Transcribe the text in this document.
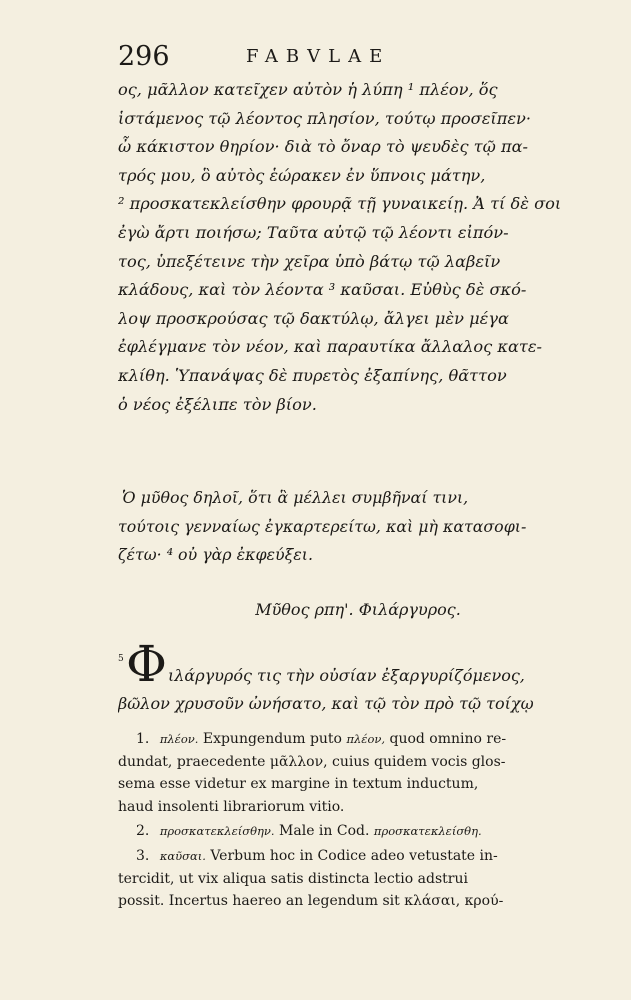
296	FABVLAE
ος, μᾶλλον κατεῖχεν αὐτὸν ἡ λύπη ¹ πλέον, ὅς
ἱστάμενος τῷ λέοντος πλησίον, τούτῳ προσεῖπεν·
ὦ κάκιστον θηρίον· διὰ τὸ ὄναρ τὸ ψευδὲς τῷ πα-
τρός μου, ὃ αὐτὸς ἑώρακεν ἐν ὕπνοις μάτην,
² προσκατεκλείσθην φρουρᾷ τῇ γυναικείῃ. Ἀ τί δὲ σοι
ἐγὼ ἄρτι ποιήσω; Ταῦτα αὐτῷ τῷ λέοντι εἰπόν-
τος, ὑπεξέτεινε τὴν χεῖρα ὑπὸ βάτῳ τῷ λαβεῖν
κλάδους, καὶ τὸν λέοντα ³ καῦσαι. Εὐθὺς δὲ σκό-
λοψ προσκρούσας τῷ δακτύλῳ, ἄλγει μὲν μέγα
ἐφλέγμανε τὸν νέον, καὶ παραυτίκα ἄλλαλος κατε-
κλίθη. Ὑπανάψας δὲ πυρετὸς ἐξαπίνης, θᾶττον
ὁ νέος ἐξέλιπε τὸν βίον.
Ὁ μῦθος δηλοῖ, ὅτι ἃ μέλλει συμβῆναί τινι,
τούτοις γενναίως ἐγκαρτερείτω, καὶ μὴ κατασοφι-
ζέτω· ⁴ οὐ γὰρ ἐκφεύξει.
Μῦθος ρπη'. Φιλάργυρος.
5 Φ ιλάργυρός τις τὴν οὐσίαν ἐξαργυρίζόμενος,
βῶλον χρυσοῦν ὠνήσατο, καὶ τῷ τὸν πρὸ τῷ τοίχῳ
1. πλέον. Expungendum puto πλέον, quod omnino re-
dundat, praecedente μᾶλλον, cuius quidem vocis glos-
sema esse videtur ex margine in textum inductum,
haud insolenti librariorum vitio.
2. προσκατεκλείσθην. Male in Cod. προσκατεκλείσθη.
3. καῦσαι. Verbum hoc in Codice adeo vetustate in-
tercidit, ut vix aliqua satis distincta lectio adstrui
possit. Incertus haereo an legendum sit κλάσαι, κρού-
